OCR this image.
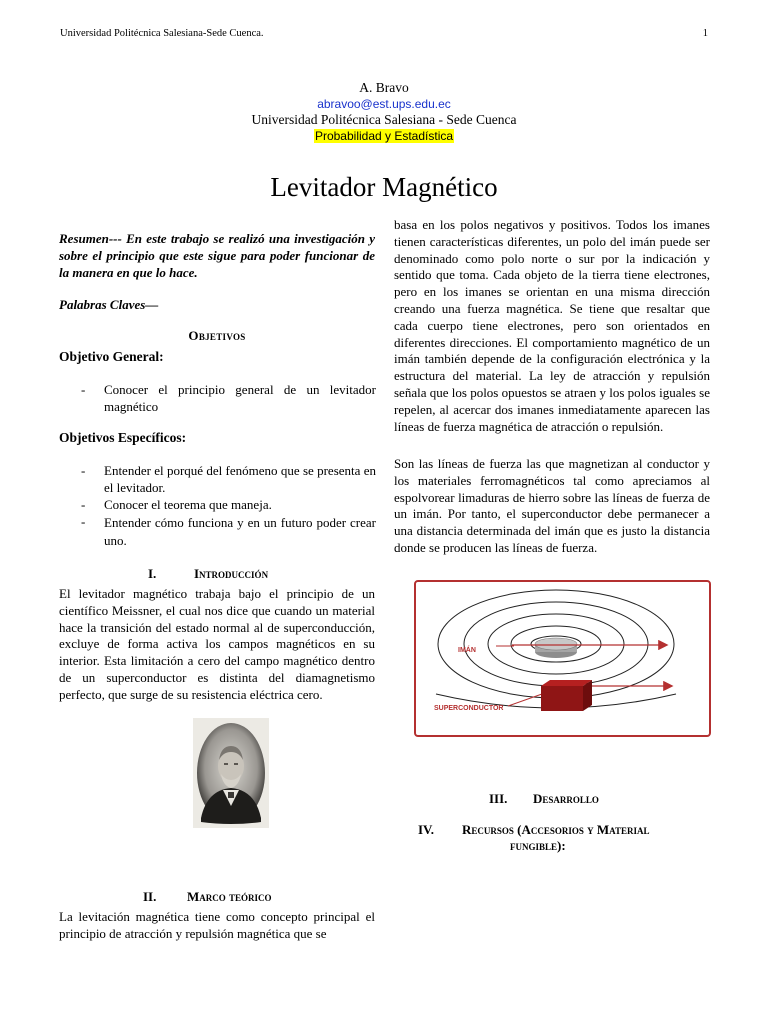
Universidad Politécnica Salesiana-Sede Cuenca.	1
A. Bravo
abravoo@est.ups.edu.ec
Universidad Politécnica Salesiana - Sede Cuenca
Probabilidad y Estadística
Levitador Magnético
Resumen--- En este trabajo se realizó una investigación y sobre el principio que este sigue para poder funcionar de la manera en que lo hace.
Palabras Claves—
Objetivos
Objetivo General:
- Conocer el principio general de un levitador magnético
Objetivos Específicos:
- Entender el porqué del fenómeno que se presenta en el levitador.
- Conocer el teorema que maneja.
- Entender cómo funciona y en un futuro poder crear uno.
I.	Introducción
El levitador magnético trabaja bajo el principio de un científico Meissner, el cual nos dice que cuando un material hace la transición del estado normal al de superconducción, excluye de forma activa los campos magnéticos en su interior. Esta limitación a cero del campo magnético dentro de un superconductor es distinta del diamagnetismo perfecto, que surge de su resistencia eléctrica cero.
II. Marco teórico
La levitación magnética tiene como concepto principal el principio de atracción y repulsión magnética que se
basa en los polos negativos y positivos. Todos los imanes tienen características diferentes, un polo del imán puede ser denominado como polo norte o sur por la indicación y sentido que toma. Cada objeto de la tierra tiene electrones, pero en los imanes se orientan en una misma dirección creando una fuerza magnética. Se tiene que resaltar que cada cuerpo tiene electrones, pero son orientados en diferentes direcciones. El comportamiento magnético de un imán también depende de la configuración electrónica y la estructura del material. La ley de atracción y repulsión señala que los polos opuestos se atraen y los polos iguales se repelen, al acercar dos imanes inmediatamente aparecen las líneas de fuerza magnética de atracción o repulsión.
Son las líneas de fuerza las que magnetizan al conductor y los materiales ferromagnéticos tal como apreciamos al espolvorear limaduras de hierro sobre las líneas de fuerza de un imán. Por tanto, el superconductor debe permanecer a una distancia determinada del imán que es justo la distancia donde se producen las líneas de fuerza.
IMÁN
SUPERCONDUCTOR
III. Desarrollo
IV. Recursos (Accesorios y Material
fungible):
